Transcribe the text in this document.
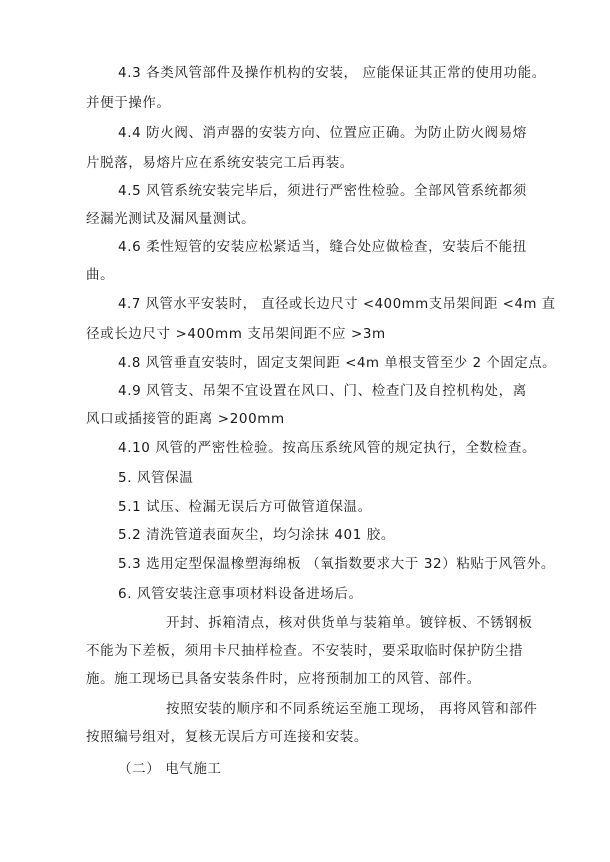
4.3 各类风管部件及操作机构的安装， 应能保证其正常的使用功能。
并便于操作。
4.4 防火阀、消声器的安装方向、位置应正确。为防止防火阀易熔
片脱落，易熔片应在系统安装完工后再装。
4.5 风管系统安装完毕后，须进行严密性检验。全部风管系统都须
经漏光测试及漏风量测试。
4.6 柔性短管的安装应松紧适当，缝合处应做检查，安装后不能扭
曲。
4.7 风管水平安装时， 直径或长边尺寸 <400mm支吊架间距 <4m 直
径或长边尺寸 >400mm 支吊架间距不应 >3m
4.8 风管垂直安装时，固定支架间距 <4m 单根支管至少 2 个固定点。
4.9 风管支、吊架不宜设置在风口、门、检查门及自控机构处，离
风口或插接管的距离 >200mm
4.10 风管的严密性检验。按高压系统风管的规定执行，全数检查。
5. 风管保温
5.1 试压、检漏无误后方可做管道保温。
5.2 清洗管道表面灰尘，均匀涂抹 401 胶。
5.3 选用定型保温橡塑海绵板 （氧指数要求大于 32）粘贴于风管外。
6. 风管安装注意事项材料设备进场后。
开封、拆箱清点，核对供货单与装箱单。镀锌板、不锈钢板
不能为下差板，须用卡尺抽样检查。不安装时，要采取临时保护防尘措
施。施工现场已具备安装条件时，应将预制加工的风管、部件。
按照安装的顺序和不同系统运至施工现场， 再将风管和部件
按照编号组对，复核无误后方可连接和安装。
（二） 电气施工
